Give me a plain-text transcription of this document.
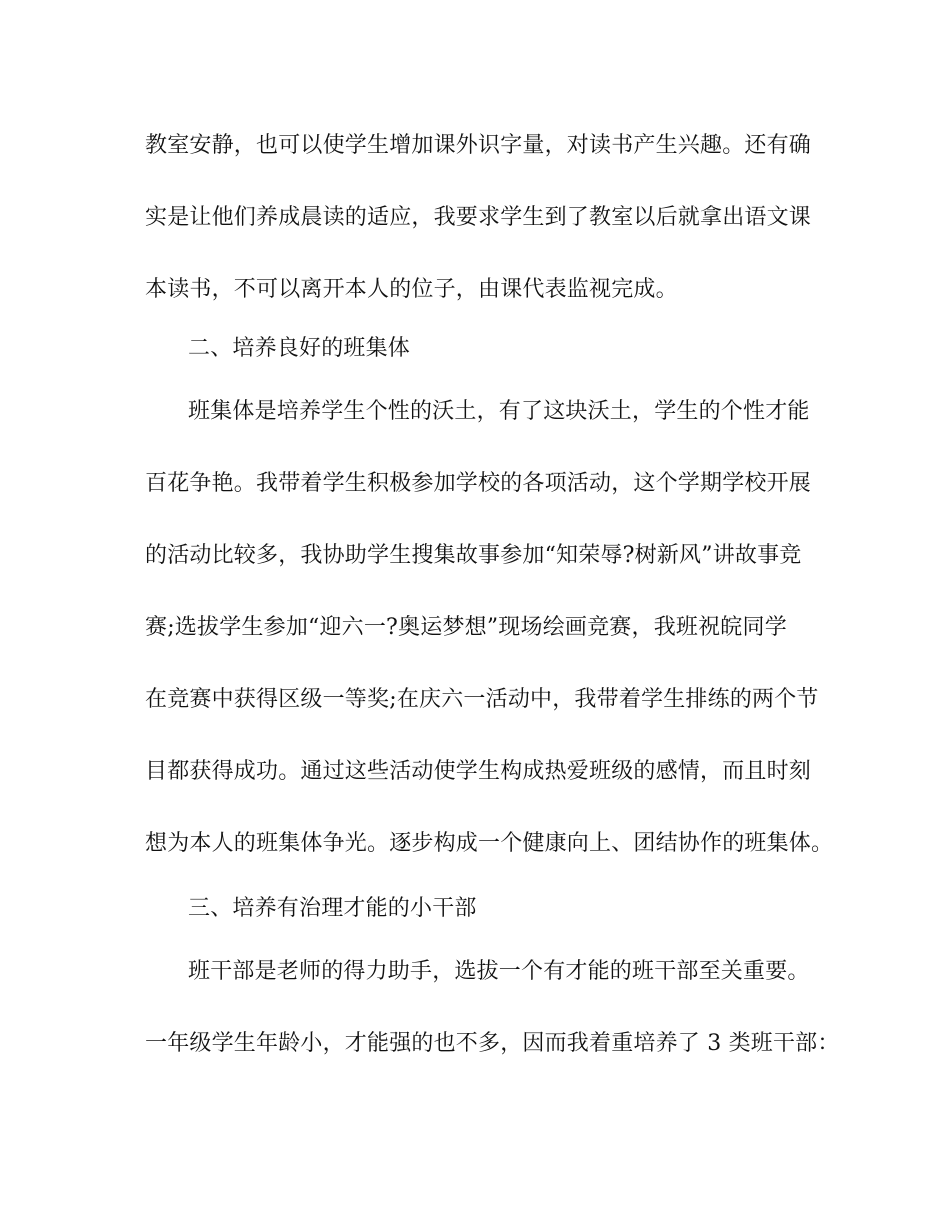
教室安静，也可以使学生增加课外识字量，对读书产生兴趣。还有确
实是让他们养成晨读的适应，我要求学生到了教室以后就拿出语文课
本读书，不可以离开本人的位子，由课代表监视完成。
二、培养良好的班集体
班集体是培养学生个性的沃土，有了这块沃土，学生的个性才能
百花争艳。我带着学生积极参加学校的各项活动，这个学期学校开展
的活动比较多，我协助学生搜集故事参加“知荣辱?树新风”讲故事竞
赛;选拔学生参加“迎六一?奥运梦想”现场绘画竞赛，我班祝皖同学
在竞赛中获得区级一等奖;在庆六一活动中，我带着学生排练的两个节
目都获得成功。通过这些活动使学生构成热爱班级的感情，而且时刻
想为本人的班集体争光。逐步构成一个健康向上、团结协作的班集体。
三、培养有治理才能的小干部
班干部是老师的得力助手，选拔一个有才能的班干部至关重要。
一年级学生年龄小，才能强的也不多，因而我着重培养了 3 类班干部：
